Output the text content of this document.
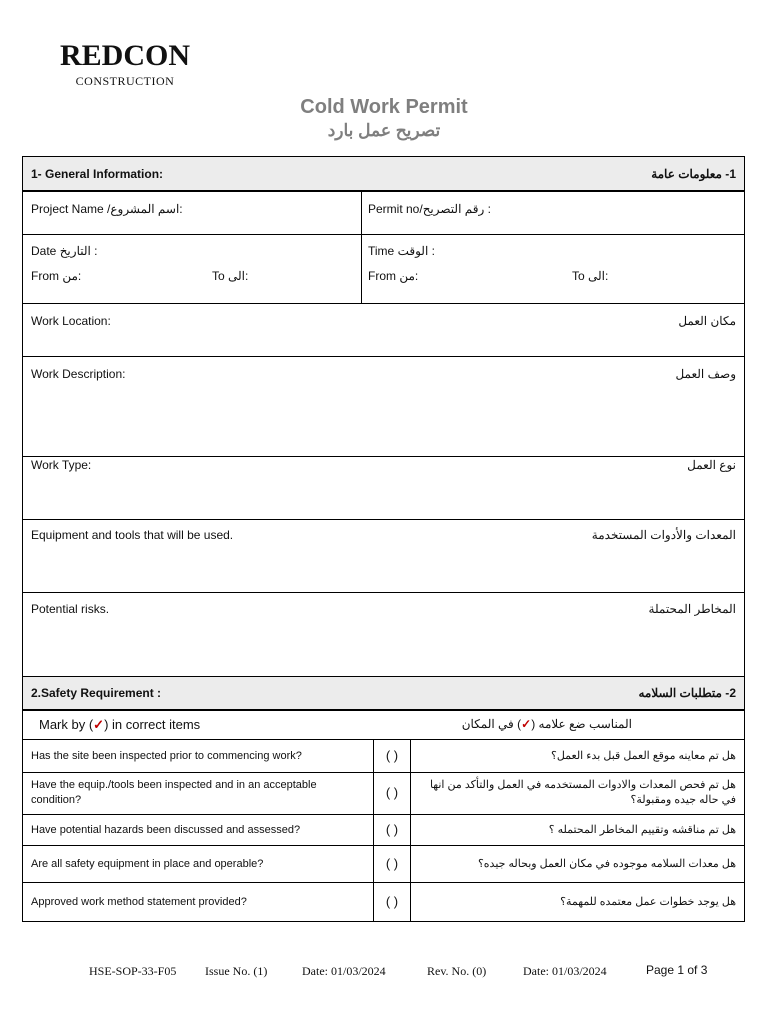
REDCON
CONSTRUCTION
Cold Work Permit
تصريح عمل بارد
1- General Information:	1- معلومات عامة
Project Name /اسم المشروع:	Permit no/رقم التصريح :
Date التاريخ :
From من:	To الى:
Time الوقت :
From من:	To الى:
Work Location:	مكان العمل
Work Description:	وصف العمل
Work Type:	نوع العمل
Equipment and tools that will be used.	المعدات والأدوات المستخدمة
Potential risks.	المخاطر المحتملة
2.Safety Requirement :	2- متطلبات السلامه
Mark by (✓) in correct items	المناسب ضع علامه (✓) في المكان
Has the site been inspected prior to commencing work?	( )	هل تم معاينه موقع العمل قبل بدء العمل؟
Have the equip./tools been inspected and in an acceptable condition?	( )	هل تم فحص المعدات والادوات المستخدمه في العمل والتأكد من انها في حاله جيده ومقبولة؟
Have potential hazards been discussed and assessed?	( )	هل تم مناقشه وتقييم المخاطر المحتمله ؟
Are all safety equipment in place and operable?	( )	هل معدات السلامه موجوده في مكان العمل وبحاله جيده؟
Approved work method statement provided?	( )	هل يوجد خطوات عمل معتمده للمهمة؟
HSE-SOP-33-F05 Issue No. (1)	Date: 01/03/2024	Rev. No. (0)	Date: 01/03/2024	Page 1 of 3
